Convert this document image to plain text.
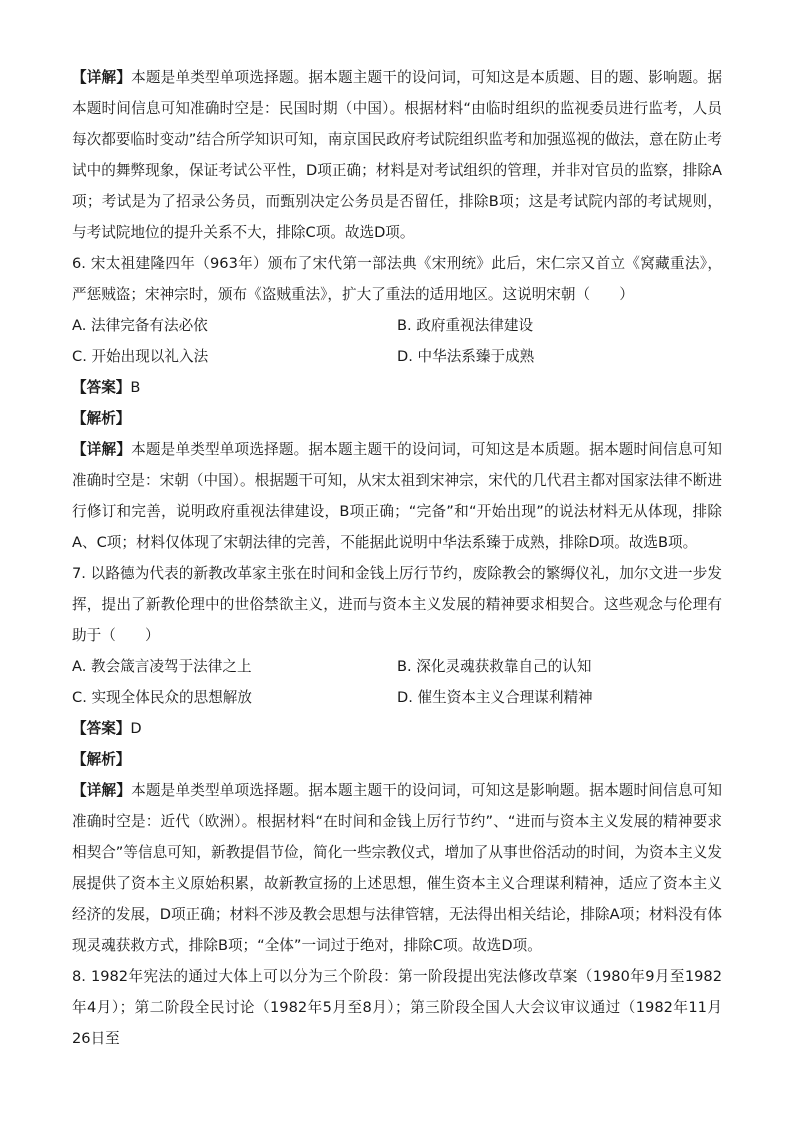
【详解】本题是单类型单项选择题。据本题主题干的设问词，可知这是本质题、目的题、影响题。据本题时间信息可知准确时空是：民国时期（中国）。根据材料“由临时组织的监视委员进行监考，人员每次都要临时变动”结合所学知识可知，南京国民政府考试院组织监考和加强巡视的做法，意在防止考试中的舞弊现象，保证考试公平性，D项正确；材料是对考试组织的管理，并非对官员的监察，排除A项；考试是为了招录公务员，而甄别决定公务员是否留任，排除B项；这是考试院内部的考试规则，与考试院地位的提升关系不大，排除C项。故选D项。

6. 宋太祖建隆四年（963年）颁布了宋代第一部法典《宋刑统》此后，宋仁宗又首立《窝藏重法》，严惩贼盗；宋神宗时，颁布《盗贼重法》，扩大了重法的适用地区。这说明宋朝（　　）

A. 法律完备有法必依	B. 政府重视法律建设
C. 开始出现以礼入法	D. 中华法系臻于成熟

【答案】B

【解析】

【详解】本题是单类型单项选择题。据本题主题干的设问词，可知这是本质题。据本题时间信息可知准确时空是：宋朝（中国）。根据题干可知，从宋太祖到宋神宗，宋代的几代君主都对国家法律不断进行修订和完善，说明政府重视法律建设，B项正确；“完备”和“开始出现”的说法材料无从体现，排除A、C项；材料仅体现了宋朝法律的完善，不能据此说明中华法系臻于成熟，排除D项。故选B项。

7. 以路德为代表的新教改革家主张在时间和金钱上厉行节约，废除教会的繁缛仪礼，加尔文进一步发挥，提出了新教伦理中的世俗禁欲主义，进而与资本主义发展的精神要求相契合。这些观念与伦理有助于（　　）

A. 教会箴言凌驾于法律之上	B. 深化灵魂获救靠自己的认知
C. 实现全体民众的思想解放	D. 催生资本主义合理谋利精神

【答案】D

【解析】

【详解】本题是单类型单项选择题。据本题主题干的设问词，可知这是影响题。据本题时间信息可知准确时空是：近代（欧洲）。根据材料“在时间和金钱上厉行节约”、“进而与资本主义发展的精神要求相契合”等信息可知，新教提倡节俭，简化一些宗教仪式，增加了从事世俗活动的时间，为资本主义发展提供了资本主义原始积累，故新教宣扬的上述思想，催生资本主义合理谋利精神，适应了资本主义经济的发展，D项正确；材料不涉及教会思想与法律管辖，无法得出相关结论，排除A项；材料没有体现灵魂获救方式，排除B项；“全体”一词过于绝对，排除C项。故选D项。

8. 1982年宪法的通过大体上可以分为三个阶段：第一阶段提出宪法修改草案（1980年9月至1982年4月）；第二阶段全民讨论（1982年5月至8月）；第三阶段全国人大会议审议通过（1982年11月26日至
